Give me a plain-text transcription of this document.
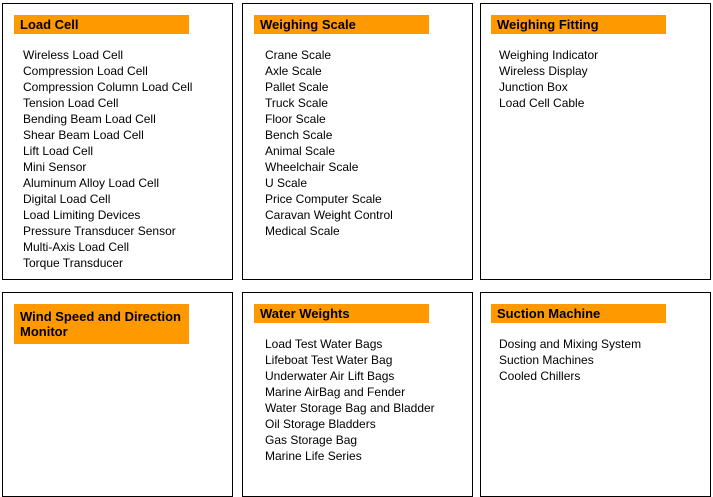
Load Cell
Wireless Load Cell
Compression Load Cell
Compression Column Load Cell
Tension Load Cell
Bending Beam Load Cell
Shear Beam Load Cell
Lift Load Cell
Mini Sensor
Aluminum Alloy Load Cell
Digital Load Cell
Load Limiting Devices
Pressure Transducer Sensor
Multi-Axis Load Cell
Torque Transducer
Weighing Scale
Crane Scale
Axle Scale
Pallet Scale
Truck Scale
Floor Scale
Bench Scale
Animal Scale
Wheelchair Scale
U Scale
Price Computer Scale
Caravan Weight Control
Medical Scale
Weighing Fitting
Weighing Indicator
Wireless Display
Junction Box
Load Cell Cable
Wind Speed and Direction Monitor
Water Weights
Load Test Water Bags
Lifeboat Test Water Bag
Underwater Air Lift Bags
Marine AirBag and Fender
Water Storage Bag and Bladder
Oil Storage Bladders
Gas Storage Bag
Marine Life Series
Suction Machine
Dosing and Mixing System
Suction Machines
Cooled Chillers
